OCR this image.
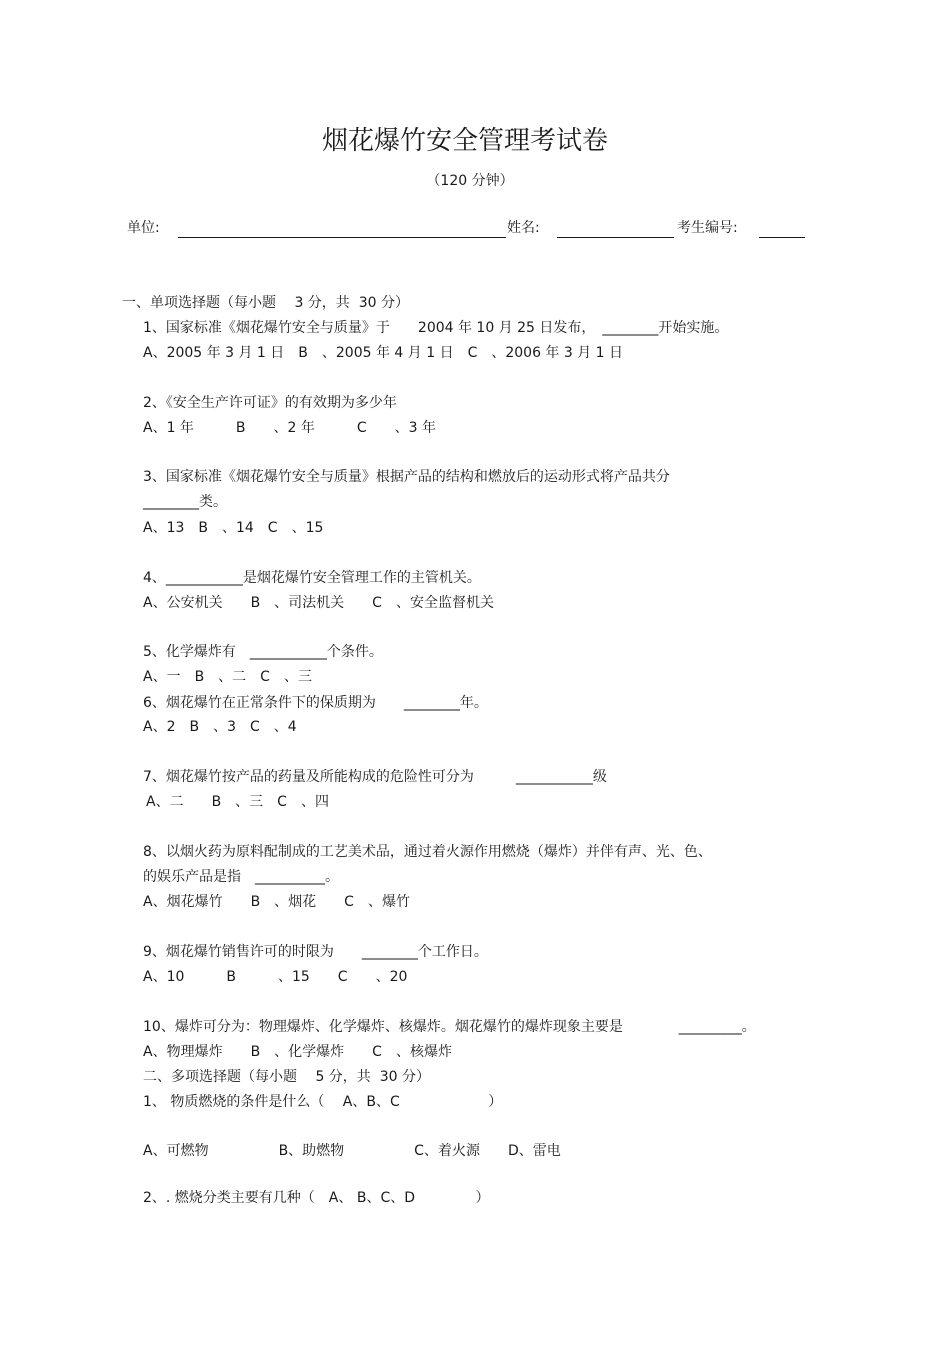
烟花爆竹安全管理考试卷
（120 分钟）
单位:	姓名:	考生编号:
一、单项选择题（每小题　 3 分，共  30 分）
1、国家标准《烟花爆竹安全与质量》于　　2004 年 10 月 25 日发布，　________开始实施。
A、2005 年 3 月 1 日　B　、2005 年 4 月 1 日　C　、2006 年 3 月 1 日
2、《安全生产许可证》的有效期为多少年
A、1 年　　　B　　、2 年　　　C　　、3 年
3、国家标准《烟花爆竹安全与质量》根据产品的结构和燃放后的运动形式将产品共分
________类。
A、13　B　、14　C　、15
4、___________是烟花爆竹安全管理工作的主管机关。
A、公安机关　　B　、司法机关　　C　、安全监督机关
5、化学爆炸有　___________个条件。
A、一　B　、二　C　、三
6、烟花爆竹在正常条件下的保质期为　　________年。
A、2　B　、3　C　、4
7、烟花爆竹按产品的药量及所能构成的危险性可分为　　　___________级
A、二　　B　、三　C　、四
8、以烟火药为原料配制成的工艺美术品，通过着火源作用燃烧（爆炸）并伴有声、光、色、
的娱乐产品是指　__________。
A、烟花爆竹　　B　、烟花　　C　、爆竹
9、烟花爆竹销售许可的时限为　　________个工作日。
A、10　　　B　　　、15　　C　　、20
10、爆炸可分为：物理爆炸、化学爆炸、核爆炸。烟花爆竹的爆炸现象主要是　　　　_________。
A、物理爆炸　　B　、化学爆炸　　C　、核爆炸
二、多项选择题（每小题　 5 分，共  30 分）
1、 物质燃烧的条件是什么（　 A、B、C　　　　　　 ）
A、可燃物　　　　　B、助燃物　　　　　C、着火源　　D、雷电
2、. 燃烧分类主要有几种（　A、 B、C、D　　　　 ）
